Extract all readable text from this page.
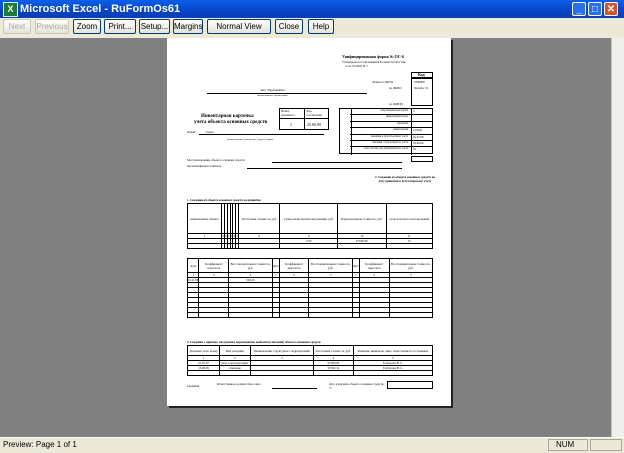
X Microsoft Excel - RuFormOs61	_	□ ✕
Next	Previous	Zoom	Print...	Setup... Margins	Normal View	Close	Help
Унифицированная форма № ОС-6
Утверждена постановлением Госкомстата России
от 21.01.2003 № 7
Код
Форма по ОКУД	0306008
по ОКПО	Четыбес 31
ЗАО "Предприятие"
(наименование организации)
по ОКВЭД
Инвентарная карточка
учета объекта основных средств
Номер документа
Дата составления
1	25.06.09
Объект	станок
(наименование, назначение, модель, марка)
амортизационная группа 3
инвентарный номер
заводской
инвентарный 123456
принятия к бухгалтерскому учету 01.07.09
списания с бухгалтерского учета 01.06.09
Счет, субсчет, код аналитического учета 01
Местонахождение объекта основных средств
Организация-изготовитель
2. Сведения об объекте основных средств на дату принятия к бухгалтерскому учету
1. Сведения об объекте основных средств до принятия
наименование объекта							Остаточная стоимость, руб.	Сумма начисленной амортизации, руб.	Первоначальная стоимость, руб.	Срок полезного использования
1	2	3	4	5	6	7	8	9	10	11
								5 00	47'000,00	15

Дата	Коэффициент пересчета	Восстановительная стоимость, руб.	Дата	Коэффициент пересчета	Восстановительная стоимость, руб.	Дата	Коэффициент пересчета	Восстановительная стоимость, руб.
1	2	3	1	2	3	1	2	3
01.11.08		500,00						

4. Сведения о приемке, внутреннем перемещении, выбытии (списании) объекта основных средств
Документ дата, номер	Вид операции	Наименование структурного подразделения	Остаточная стоимость, руб.	Фамилия, инициалы, лица, ответственного за хранение
1	2	3	4	5
01.07.07	ввод в эксплуатацию		47'000,00	Гончарова В. С.
15.06.09	списание		32'922,12	Горбунова В. С.

Сведения	Ответственное должностное лицо	Дата в журнале объекта основных средств, %
Preview: Page 1 of 1	NUM
